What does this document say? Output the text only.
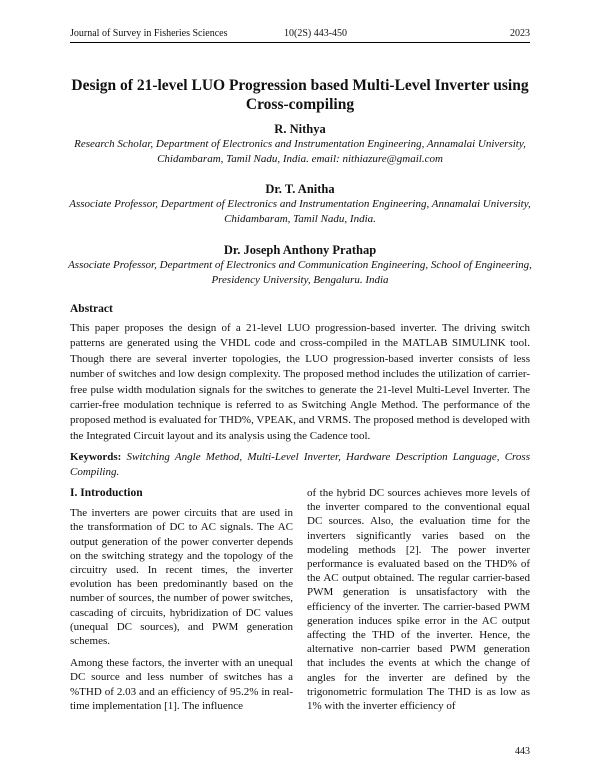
Journal of Survey in Fisheries Sciences	10(2S) 443-450	2023
Design of 21-level LUO Progression based Multi-Level Inverter using Cross-compiling
R. Nithya
Research Scholar, Department of Electronics and Instrumentation Engineering, Annamalai University, Chidambaram, Tamil Nadu, India. email: nithiazure@gmail.com
Dr. T. Anitha
Associate Professor, Department of Electronics and Instrumentation Engineering, Annamalai University, Chidambaram, Tamil Nadu, India.
Dr. Joseph Anthony Prathap
Associate Professor, Department of Electronics and Communication Engineering, School of Engineering, Presidency University, Bengaluru. India
Abstract

This paper proposes the design of a 21-level LUO progression-based inverter. The driving switch patterns are generated using the VHDL code and cross-compiled in the MATLAB SIMULINK tool. Though there are several inverter topologies, the LUO progression-based inverter consists of less number of switches and low design complexity. The proposed method includes the utilization of carrier-free pulse width modulation signals for the switches to generate the 21-level Multi-Level Inverter. The carrier-free modulation technique is referred to as Switching Angle Method. The performance of the proposed method is evaluated for THD%, VPEAK, and VRMS. The proposed method is developed with the Integrated Circuit layout and its analysis using the Cadence tool.

Keywords: Switching Angle Method, Multi-Level Inverter, Hardware Description Language, Cross Compiling.

I. Introduction

The inverters are power circuits that are used in the transformation of DC to AC signals. The AC output generation of the power converter depends on the switching strategy and the topology of the circuitry used. In recent times, the inverter evolution has been predominantly based on the number of sources, the number of power switches, cascading of circuits, hybridization of DC values (unequal DC sources), and PWM generation schemes.

Among these factors, the inverter with an unequal DC source and less number of switches has a %THD of 2.03 and an efficiency of 95.2% in real-time implementation [1]. The influence

of the hybrid DC sources achieves more levels of the inverter compared to the conventional equal DC sources. Also, the evaluation time for the inverters significantly varies based on the modeling methods [2]. The power inverter performance is evaluated based on the THD% of the AC output obtained. The regular carrier-based PWM generation is unsatisfactory with the efficiency of the inverter. The carrier-based PWM generation induces spike error in the AC output affecting the THD of the inverter. Hence, the alternative non-carrier based PWM generation that includes the events at which the change of angles for the inverter are defined by the trigonometric formulation The THD is as low as 1% with the inverter efficiency of

443
